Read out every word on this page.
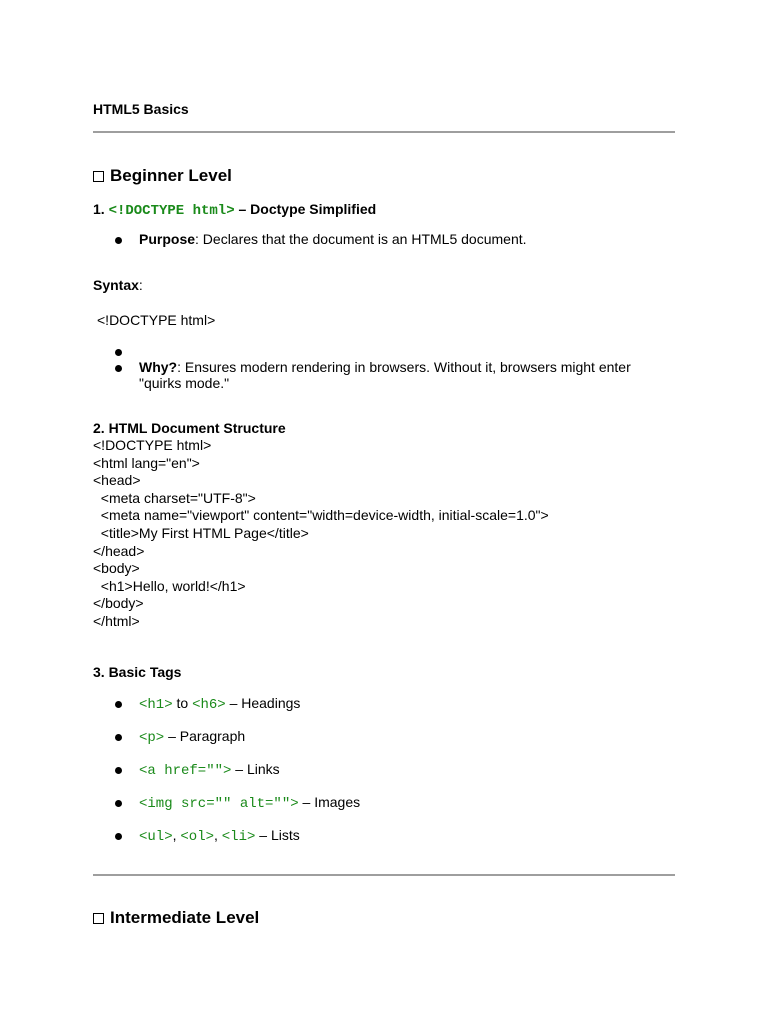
HTML5 Basics
Beginner Level
1. <!DOCTYPE html> – Doctype Simplified
Purpose: Declares that the document is an HTML5 document.
Syntax:
<!DOCTYPE html>
Why?: Ensures modern rendering in browsers. Without it, browsers might enter
"quirks mode."
2. HTML Document Structure
<!DOCTYPE html>
<html lang="en">
<head>
<meta charset="UTF-8">
<meta name="viewport" content="width=device-width, initial-scale=1.0">
<title>My First HTML Page</title>
</head>
<body>
<h1>Hello, world!</h1>
</body>
</html>
3. Basic Tags
<h1> to <h6> – Headings
<p> – Paragraph
<a href=""> – Links
<img src="" alt=""> – Images
<ul>, <ol>, <li> – Lists
Intermediate Level
